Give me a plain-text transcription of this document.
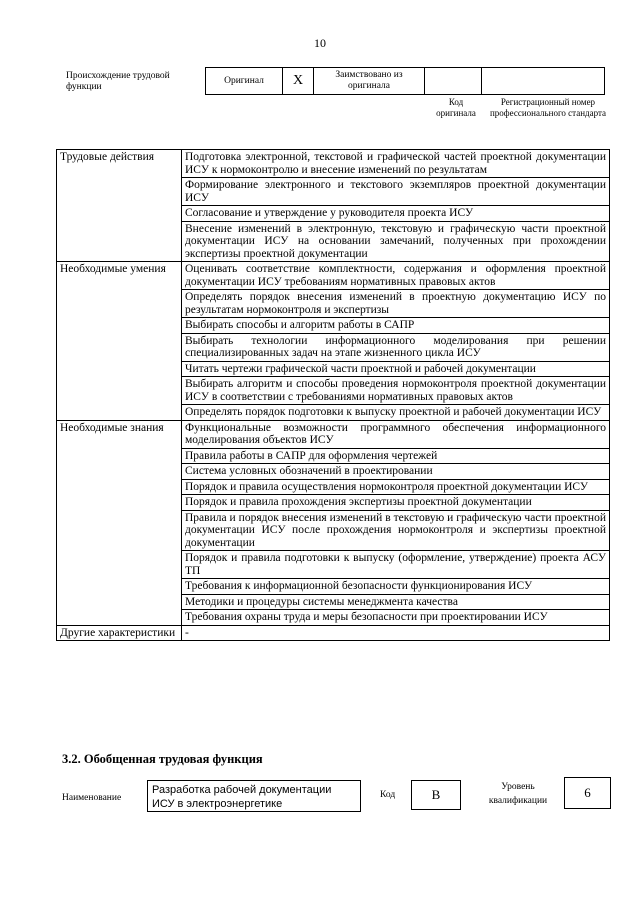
10
Происхождение трудовой функции
Оригинал	X	Заимствовано из оригинала		
Код оригинала
Регистрационный номер профессионального стандарта
Трудовые действия	Подготовка электронной, текстовой и графической частей проектной документации ИСУ к нормоконтролю и внесение изменений по результатам
	Формирование электронного и текстового экземпляров проектной документации ИСУ
	Согласование и утверждение у руководителя проекта ИСУ
	Внесение изменений в электронную, текстовую и графическую части проектной документации ИСУ на основании замечаний, полученных при прохождении экспертизы проектной документации
Необходимые умения	Оценивать соответствие комплектности, содержания и оформления проектной документации ИСУ требованиям нормативных правовых актов
	Определять порядок внесения изменений в проектную документацию ИСУ по результатам нормоконтроля и экспертизы
	Выбирать способы и алгоритм работы в САПР
	Выбирать технологии информационного моделирования при решении специализированных задач на этапе жизненного цикла ИСУ
	Читать чертежи графической части проектной и рабочей документации
	Выбирать алгоритм и способы проведения нормоконтроля проектной документации ИСУ в соответствии с требованиями нормативных правовых актов
	Определять порядок подготовки к выпуску проектной и рабочей документации ИСУ
Необходимые знания	Функциональные возможности программного обеспечения информационного моделирования объектов ИСУ
	Правила работы в САПР для оформления чертежей
	Система условных обозначений в проектировании
	Порядок и правила осуществления нормоконтроля проектной документации ИСУ
	Порядок и правила прохождения экспертизы проектной документации
	Правила и порядок внесения изменений в текстовую и графическую части проектной документации ИСУ после прохождения нормоконтроля и экспертизы проектной документации
	Порядок и правила подготовки к выпуску (оформление, утверждение) проекта АСУ ТП
	Требования к информационной безопасности функционирования ИСУ
	Методики и процедуры системы менеджмента качества
	Требования охраны труда и меры безопасности при проектировании ИСУ
Другие характеристики	-
3.2. Обобщенная трудовая функция
Наименование
Разработка рабочей документации ИСУ в электроэнергетике
Код	B	Уровень квалификации
6
